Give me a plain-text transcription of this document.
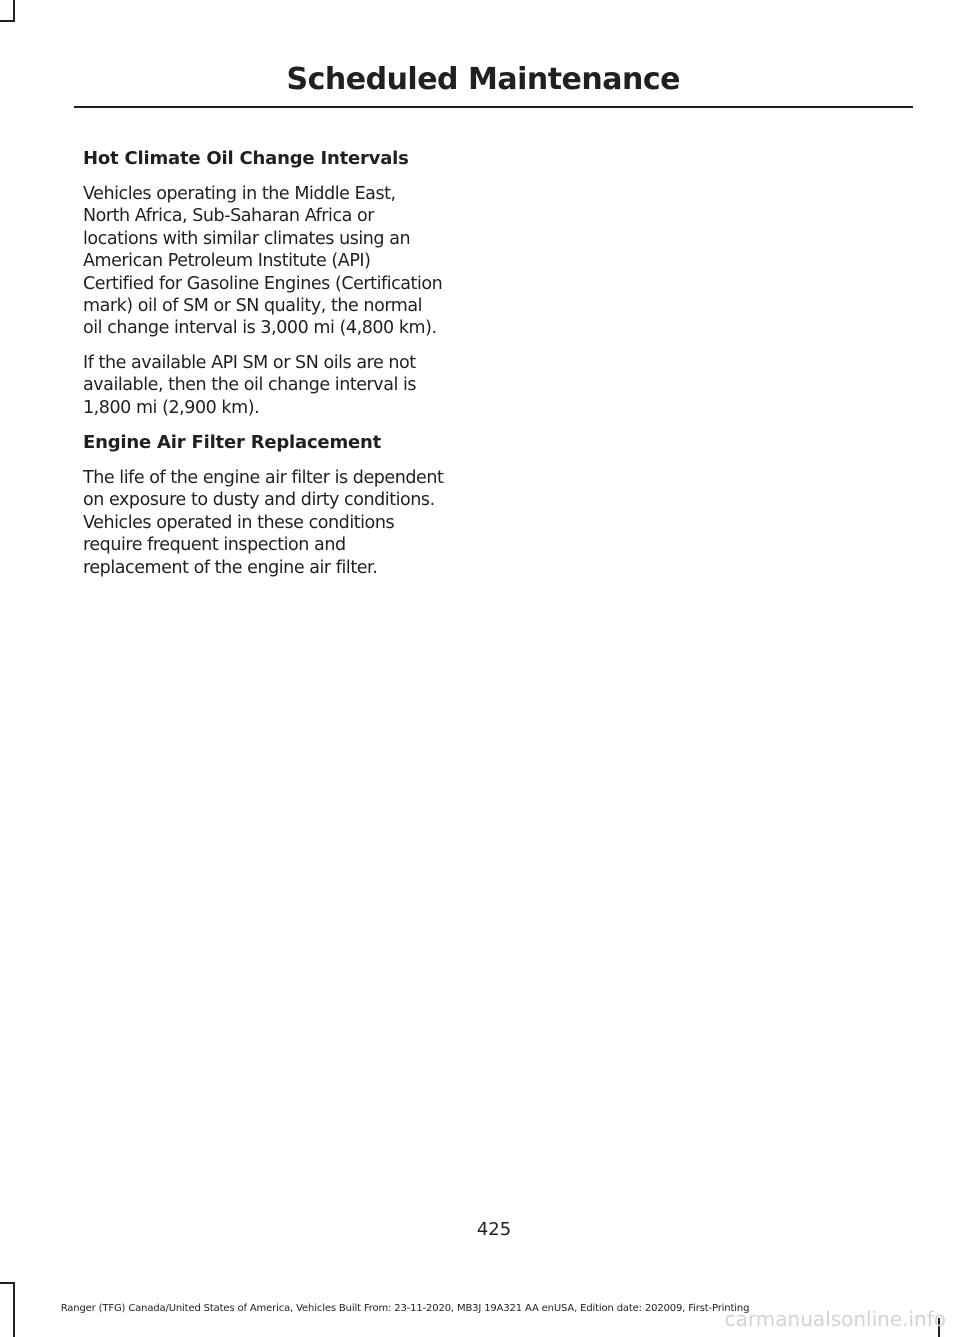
Scheduled Maintenance
Hot Climate Oil Change Intervals

Vehicles operating in the Middle East,
North Africa, Sub-Saharan Africa or
locations with similar climates using an
American Petroleum Institute (API)
Certified for Gasoline Engines (Certification
mark) oil of SM or SN quality, the normal
oil change interval is 3,000 mi (4,800 km).

If the available API SM or SN oils are not
available, then the oil change interval is
1,800 mi (2,900 km).

Engine Air Filter Replacement

The life of the engine air filter is dependent
on exposure to dusty and dirty conditions.
Vehicles operated in these conditions
require frequent inspection and
replacement of the engine air filter.

425
Ranger (TFG) Canada/United States of America, Vehicles Built From: 23-11-2020, MB3J 19A321 AA enUSA, Edition date: 202009, First-Printing
carmanualsonline.info
